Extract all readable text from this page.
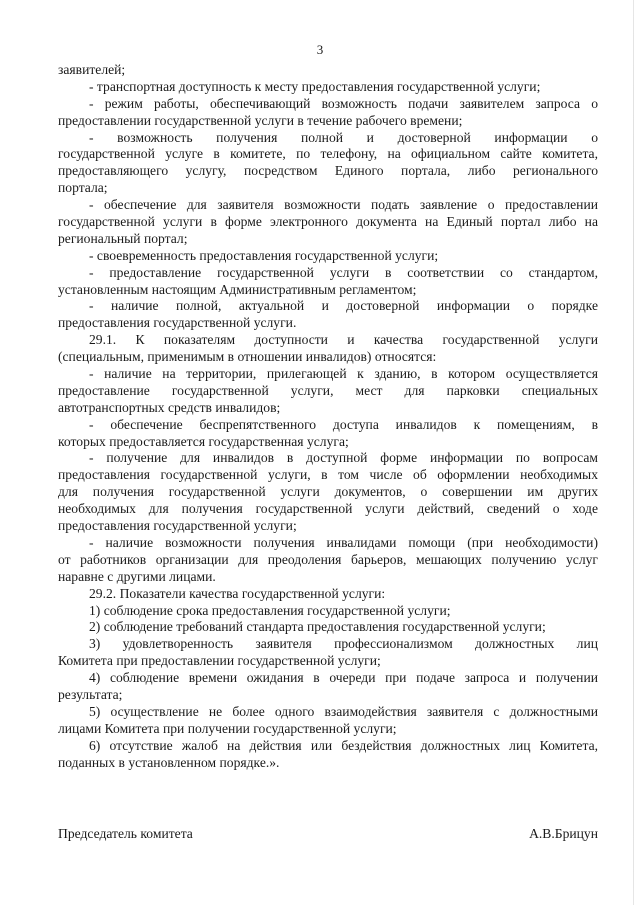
3
заявителей;
- транспортная доступность к месту предоставления государственной услуги;
- режим работы, обеспечивающий возможность подачи заявителем запроса о
предоставлении государственной услуги в течение рабочего времени;
- возможность получения полной и достоверной информации о
государственной услуге в комитете, по телефону, на официальном сайте комитета,
предоставляющего услугу, посредством Единого портала, либо регионального
портала;
- обеспечение для заявителя возможности подать заявление о предоставлении
государственной услуги в форме электронного документа на Единый портал либо на
региональный портал;
- своевременность предоставления государственной услуги;
- предоставление государственной услуги в соответствии со стандартом,
установленным настоящим Административным регламентом;
- наличие полной, актуальной и достоверной информации о порядке
предоставления государственной услуги.
29.1. К показателям доступности и качества государственной услуги
(специальным, применимым в отношении инвалидов) относятся:
- наличие на территории, прилегающей к зданию, в котором осуществляется
предоставление государственной услуги, мест для парковки специальных
автотранспортных средств инвалидов;
- обеспечение беспрепятственного доступа инвалидов к помещениям, в
которых предоставляется государственная услуга;
- получение для инвалидов в доступной форме информации по вопросам
предоставления государственной услуги, в том числе об оформлении необходимых
для получения государственной услуги документов, о совершении им других
необходимых для получения государственной услуги действий, сведений о ходе
предоставления государственной услуги;
- наличие возможности получения инвалидами помощи (при необходимости)
от работников организации для преодоления барьеров, мешающих получению услуг
наравне с другими лицами.
29.2. Показатели качества государственной услуги:
1) соблюдение срока предоставления государственной услуги;
2) соблюдение требований стандарта предоставления государственной услуги;
3) удовлетворенность заявителя профессионализмом должностных лиц
Комитета при предоставлении государственной услуги;
4) соблюдение времени ожидания в очереди при подаче запроса и получении
результата;
5) осуществление не более одного взаимодействия заявителя с должностными
лицами Комитета при получении государственной услуги;
6) отсутствие жалоб на действия или бездействия должностных лиц Комитета,
поданных в установленном порядке.».
Председатель комитета	А.В.Брицун
